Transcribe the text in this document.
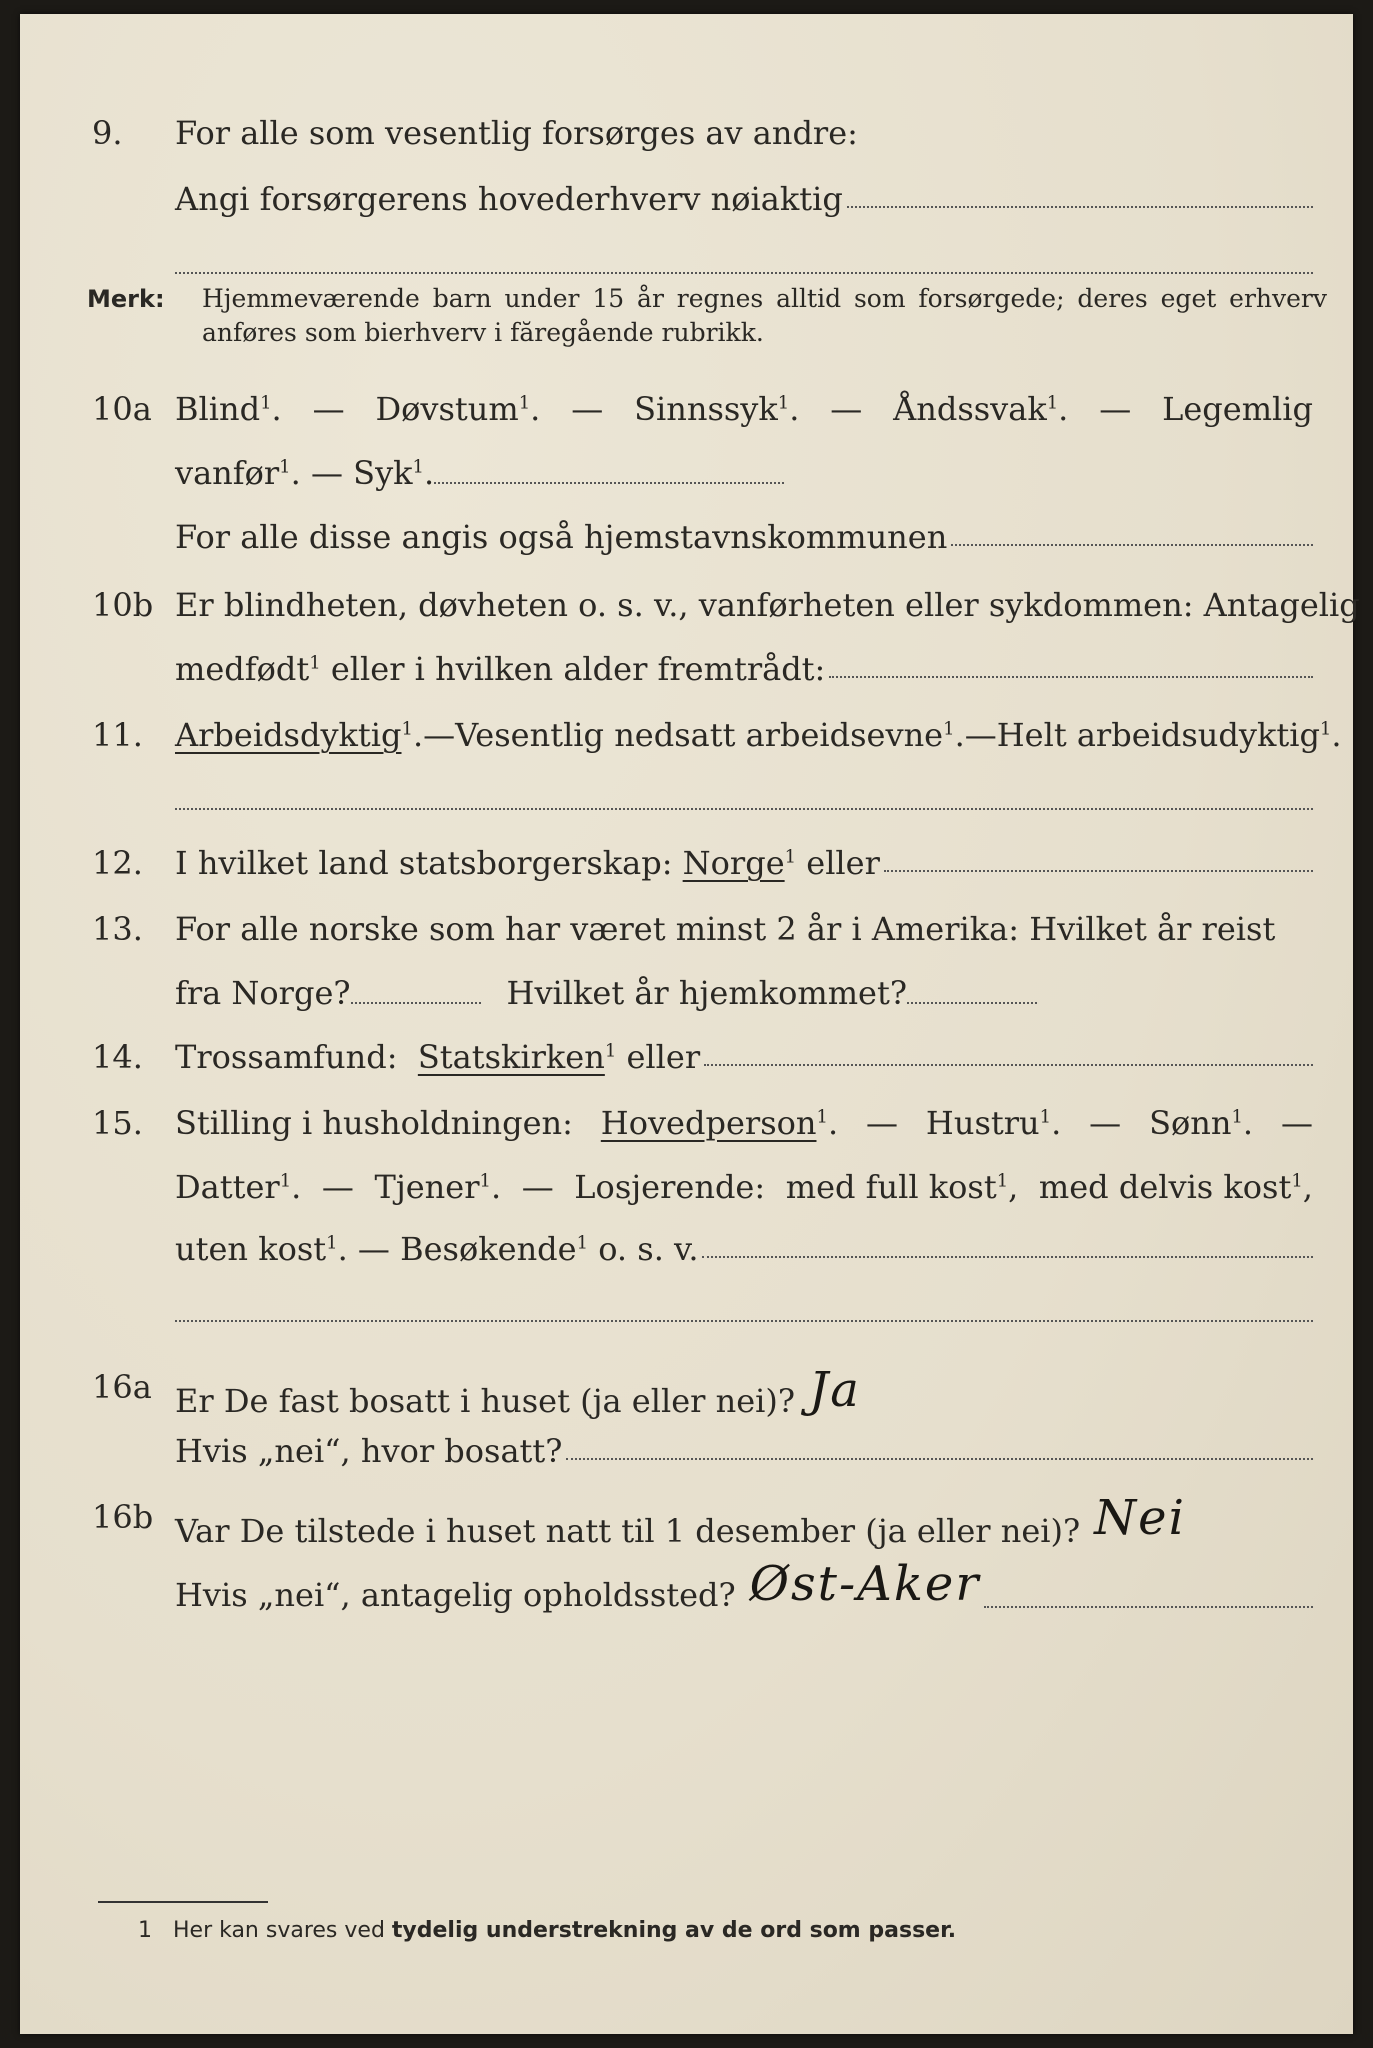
9. For alle som vesentlig forsørges av andre:
Angi forsørgerens hovederhverv nøiaktig
Merk: Hjemmeværende barn under 15 år regnes alltid som forsørgede; deres eget erhverv anføres som bierhverv i făregående rubrikk.
10a Blind$^1$. — Døvstum$^1$. — Sinnssyk$^1$. — Åndssvak$^1$. — Legemlig
vanfør$^1$. — Syk$^1$.
For alle disse angis også hjemstavnskommunen
10b Er blindheten, døvheten o. s. v., vanførheten eller sykdommen: Antagelig
medfødt$^1$ eller i hvilken alder fremtrådt:
11. Arbeidsdyktig$^1$. — Vesentlig nedsatt arbeidsevne$^1$. — Helt arbeidsudyktig$^1$.
12. I hvilket land statsborgerskap:
Norge$^1$
eller
13. For alle norske som har været minst 2 år i Amerika: Hvilket år reist
fra Norge?	Hvilket år hjemkommet?
14. Trossamfund:
Statskirken$^1$
eller
15. Stilling i husholdningen: Hovedperson$^1$. — Hustru$^1$. — Sønn$^1$. —
Datter$^1$. — Tjener$^1$. — Losjerende: med full kost$^1$, med delvis kost$^1$,
uten kost$^1$. — Besøkende$^1$ o. s. v.
16a Er De fast bosatt i huset (ja eller nei)? Ja
Hvis „nei“, hvor bosatt?
16b Var De tilstede i huset natt til 1 desember (ja eller nei)? Nei
Hvis „nei“, antagelig opholdssted? Øst-Aker
1 Her kan svares ved tydelig understrekning av de ord som passer.
